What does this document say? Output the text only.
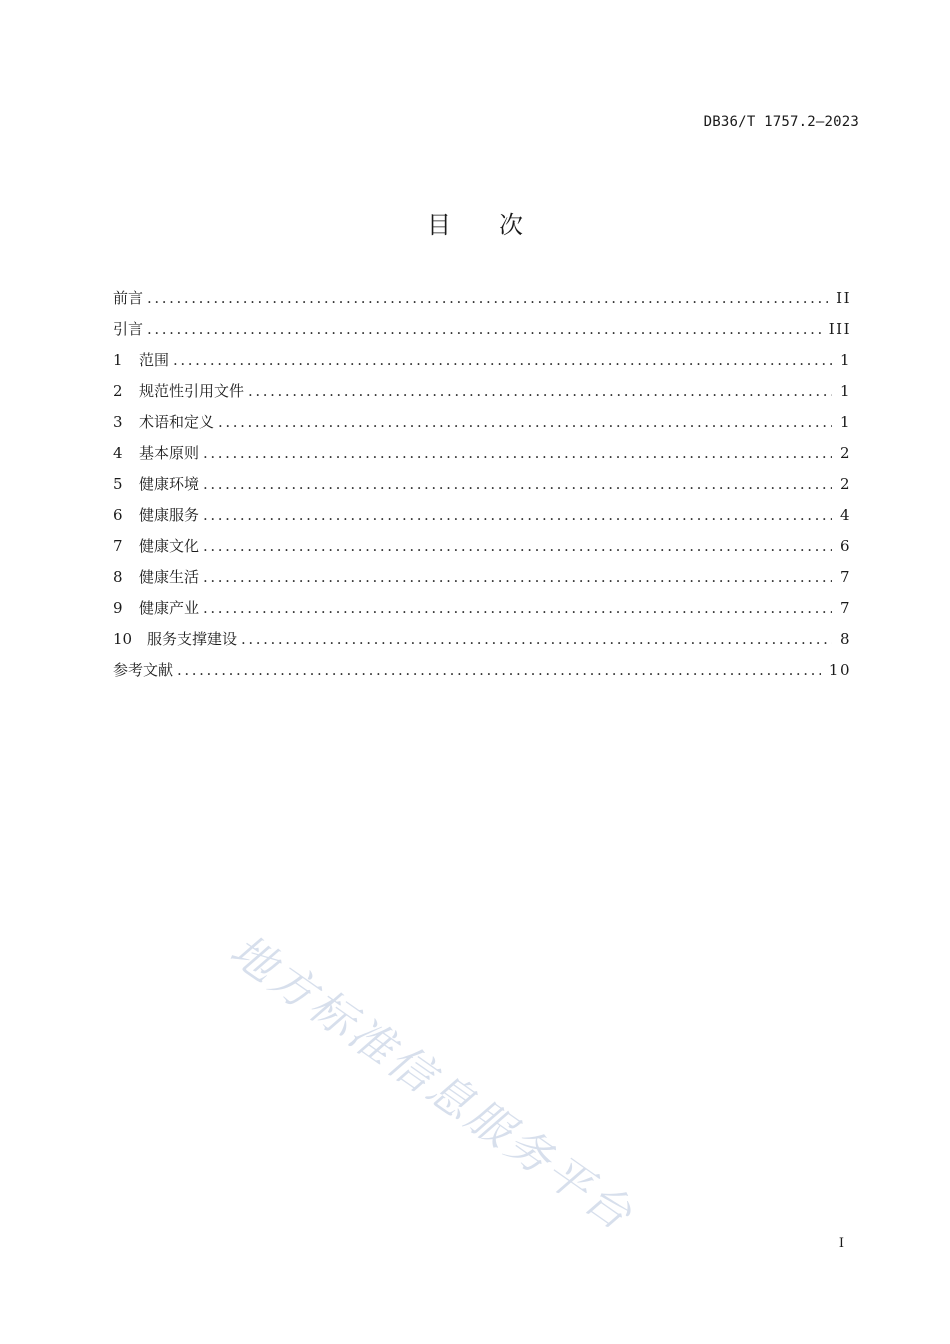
DB36/T 1757.2—2023
目次
前言 .....	II
引言 .....	III
1	范围 .....	1
2	规范性引用文件 .....	1
3	术语和定义 .....	1
4	基本原则 .....	2
5	健康环境 .....	2
6	健康服务 .....	4
7	健康文化 .....	6
8	健康生活 .....	7
9	健康产业 .....	7
10 服务支撑建设 .....	8
参考文献 .....	10
地方标准信息服务平台
I
